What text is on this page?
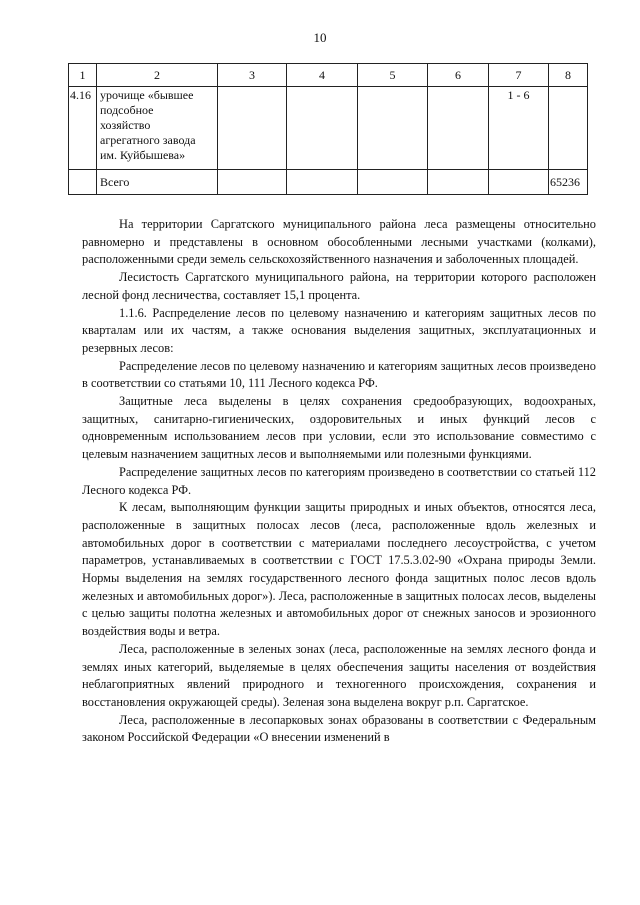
10
1	2	3	4	5	6	7	8
4.16	урочище «бывшее
подсобное
хозяйство
агрегатного завода
им. Куйбышева»					1 - 6	
	Всего						65236

На территории Саргатского муниципального района леса размещены относительно равномерно и представлены в основном обособленными лесными участками (колками), расположенными среди земель сельскохозяйственного назначения и заболоченных площадей.

Лесистость Саргатского муниципального района, на территории которого расположен лесной фонд лесничества, составляет 15,1 процента.

1.1.6. Распределение лесов по целевому назначению и категориям защитных лесов по кварталам или их частям, а также основания выделения защитных, эксплуатационных и резервных лесов:

Распределение лесов по целевому назначению и категориям защитных лесов произведено в соответствии со статьями 10, 111 Лесного кодекса РФ.

Защитные леса выделены в целях сохранения средообразующих, водоохраных, защитных, санитарно-гигиенических, оздоровительных и иных функций лесов с одновременным использованием лесов при условии, если это использование совместимо с целевым назначением защитных лесов и выполняемыми или полезными функциями.

Распределение защитных лесов по категориям произведено в соответствии со статьей 112 Лесного кодекса РФ.

К лесам, выполняющим функции защиты природных и иных объектов, относятся леса, расположенные в защитных полосах лесов (леса, расположенные вдоль железных и автомобильных дорог в соответствии с материалами последнего лесоустройства, с учетом параметров, устанавливаемых в соответствии с ГОСТ 17.5.3.02-90 «Охрана природы Земли. Нормы выделения на землях государственного лесного фонда защитных полос лесов вдоль железных и автомобильных дорог»). Леса, расположенные в защитных полосах лесов, выделены с целью защиты полотна железных и автомобильных дорог от снежных заносов и эрозионного воздействия воды и ветра.

Леса, расположенные в зеленых зонах (леса, расположенные на землях лесного фонда и землях иных категорий, выделяемые в целях обеспечения защиты населения от воздействия неблагоприятных явлений природного и техногенного происхождения, сохранения и восстановления окружающей среды). Зеленая зона выделена вокруг р.п. Саргатское.

Леса, расположенные в лесопарковых зонах образованы в соответствии с Федеральным законом Российской Федерации «О внесении изменений в
